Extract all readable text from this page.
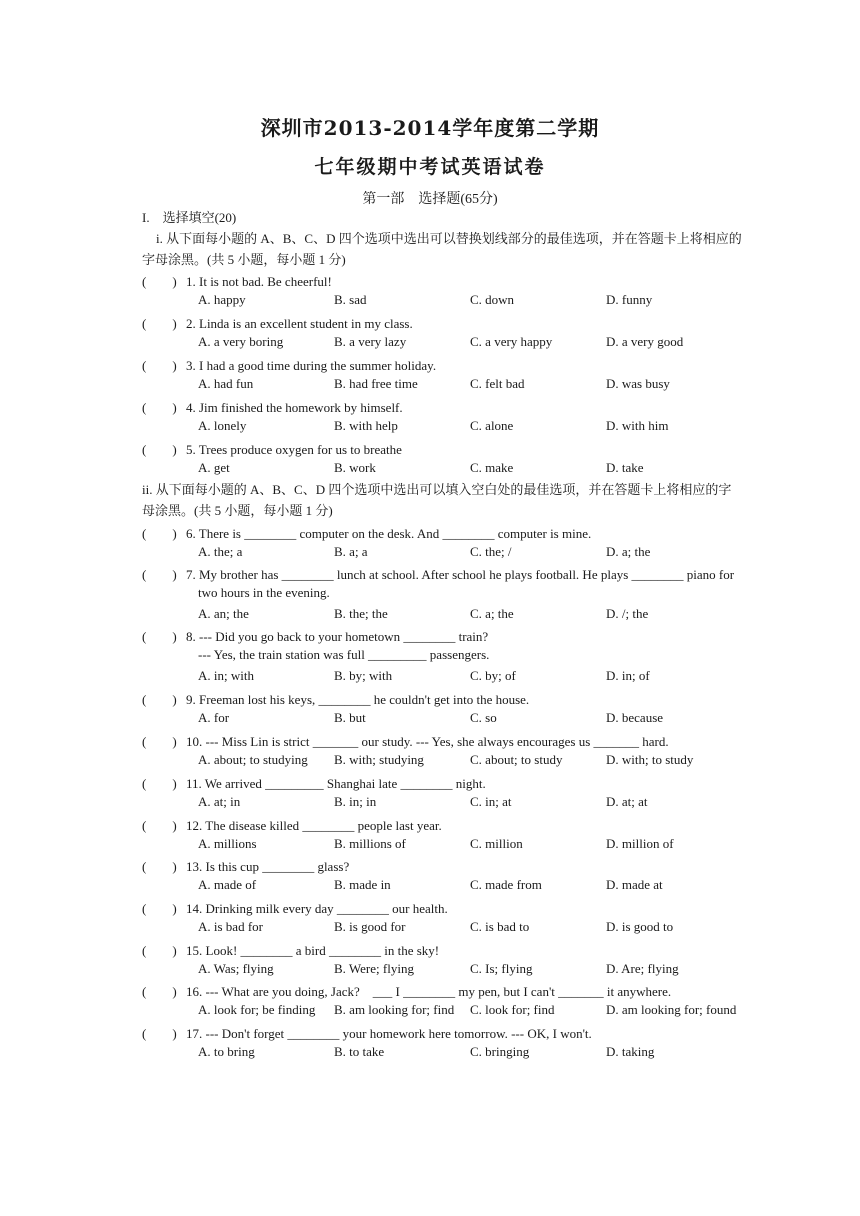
深圳市2013-2014学年度第二学期
七年级期中考试英语试卷
第一部　选择题(65分)
I.　选择填空(20)
i. 从下面每小题的 A、B、C、D 四个选项中选出可以替换划线部分的最佳选项，并在答题卡上将相应的
字母涂黑。(共 5 小题，每小题 1 分)
ii. 从下面每小题的 A、B、C、D 四个选项中选出可以填入空白处的最佳选项，并在答题卡上将相应的字
母涂黑。(共 5 小题，每小题 1 分)
(　　) 1. It is not bad. Be cheerful!
A. happy	B. sad	C. down	D. funny
(　　) 2. Linda is an excellent student in my class.
A. a very boring	B. a very lazy	C. a very happy	D. a very good
(　　) 3. I had a good time during the summer holiday.
A. had fun	B. had free time	C. felt bad	D. was busy
(　　) 4. Jim finished the homework by himself.
A. lonely	B. with help	C. alone	D. with him
(　　) 5. Trees produce oxygen for us to breathe
A. get	B. work	C. make	D. take
(　　) 6. There is ________ computer on the desk. And ________ computer is mine.
A. the; a	B. a; a	C. the; /	D. a; the
(　　) 7. My brother has ________ lunch at school. After school he plays football. He plays ________ piano for
two hours in the evening.
A. an; the	B. the; the	C. a; the	D. /; the
(　　) 8. --- Did you go back to your hometown ________ train?
--- Yes, the train station was full _________ passengers.
A. in; with	B. by; with	C. by; of	D. in; of
(　　) 9. Freeman lost his keys, ________ he couldn't get into the house.
A. for	B. but	C. so	D. because
(　　) 10. --- Miss Lin is strict _______ our study. --- Yes, she always encourages us _______ hard.
A. about; to studying B. with; studying	C. about; to study	D. with; to study
(　　) 11. We arrived _________ Shanghai late ________ night.
A. at; in	B. in; in	C. in; at	D. at; at
(　　) 12. The disease killed ________ people last year.
A. millions	B. millions of	C. million	D. million of
(　　) 13. Is this cup ________ glass?
A. made of	B. made in	C. made from	D. made at
(　　) 14. Drinking milk every day ________ our health.
A. is bad for	B. is good for	C. is bad to	D. is good to
(　　) 15. Look! ________ a bird ________ in the sky!
A. Was; flying	B. Were; flying	C. Is; flying	D. Are; flying
(　　) 16. --- What are you doing, Jack?　___ I ________ my pen, but I can't _______ it anywhere.
A. look for; be finding B. am looking for; find C. look for; find	D. am looking for; found
(　　) 17. --- Don't forget ________ your homework here tomorrow. --- OK, I won't.
A. to bring	B. to take	C. bringing	D. taking
